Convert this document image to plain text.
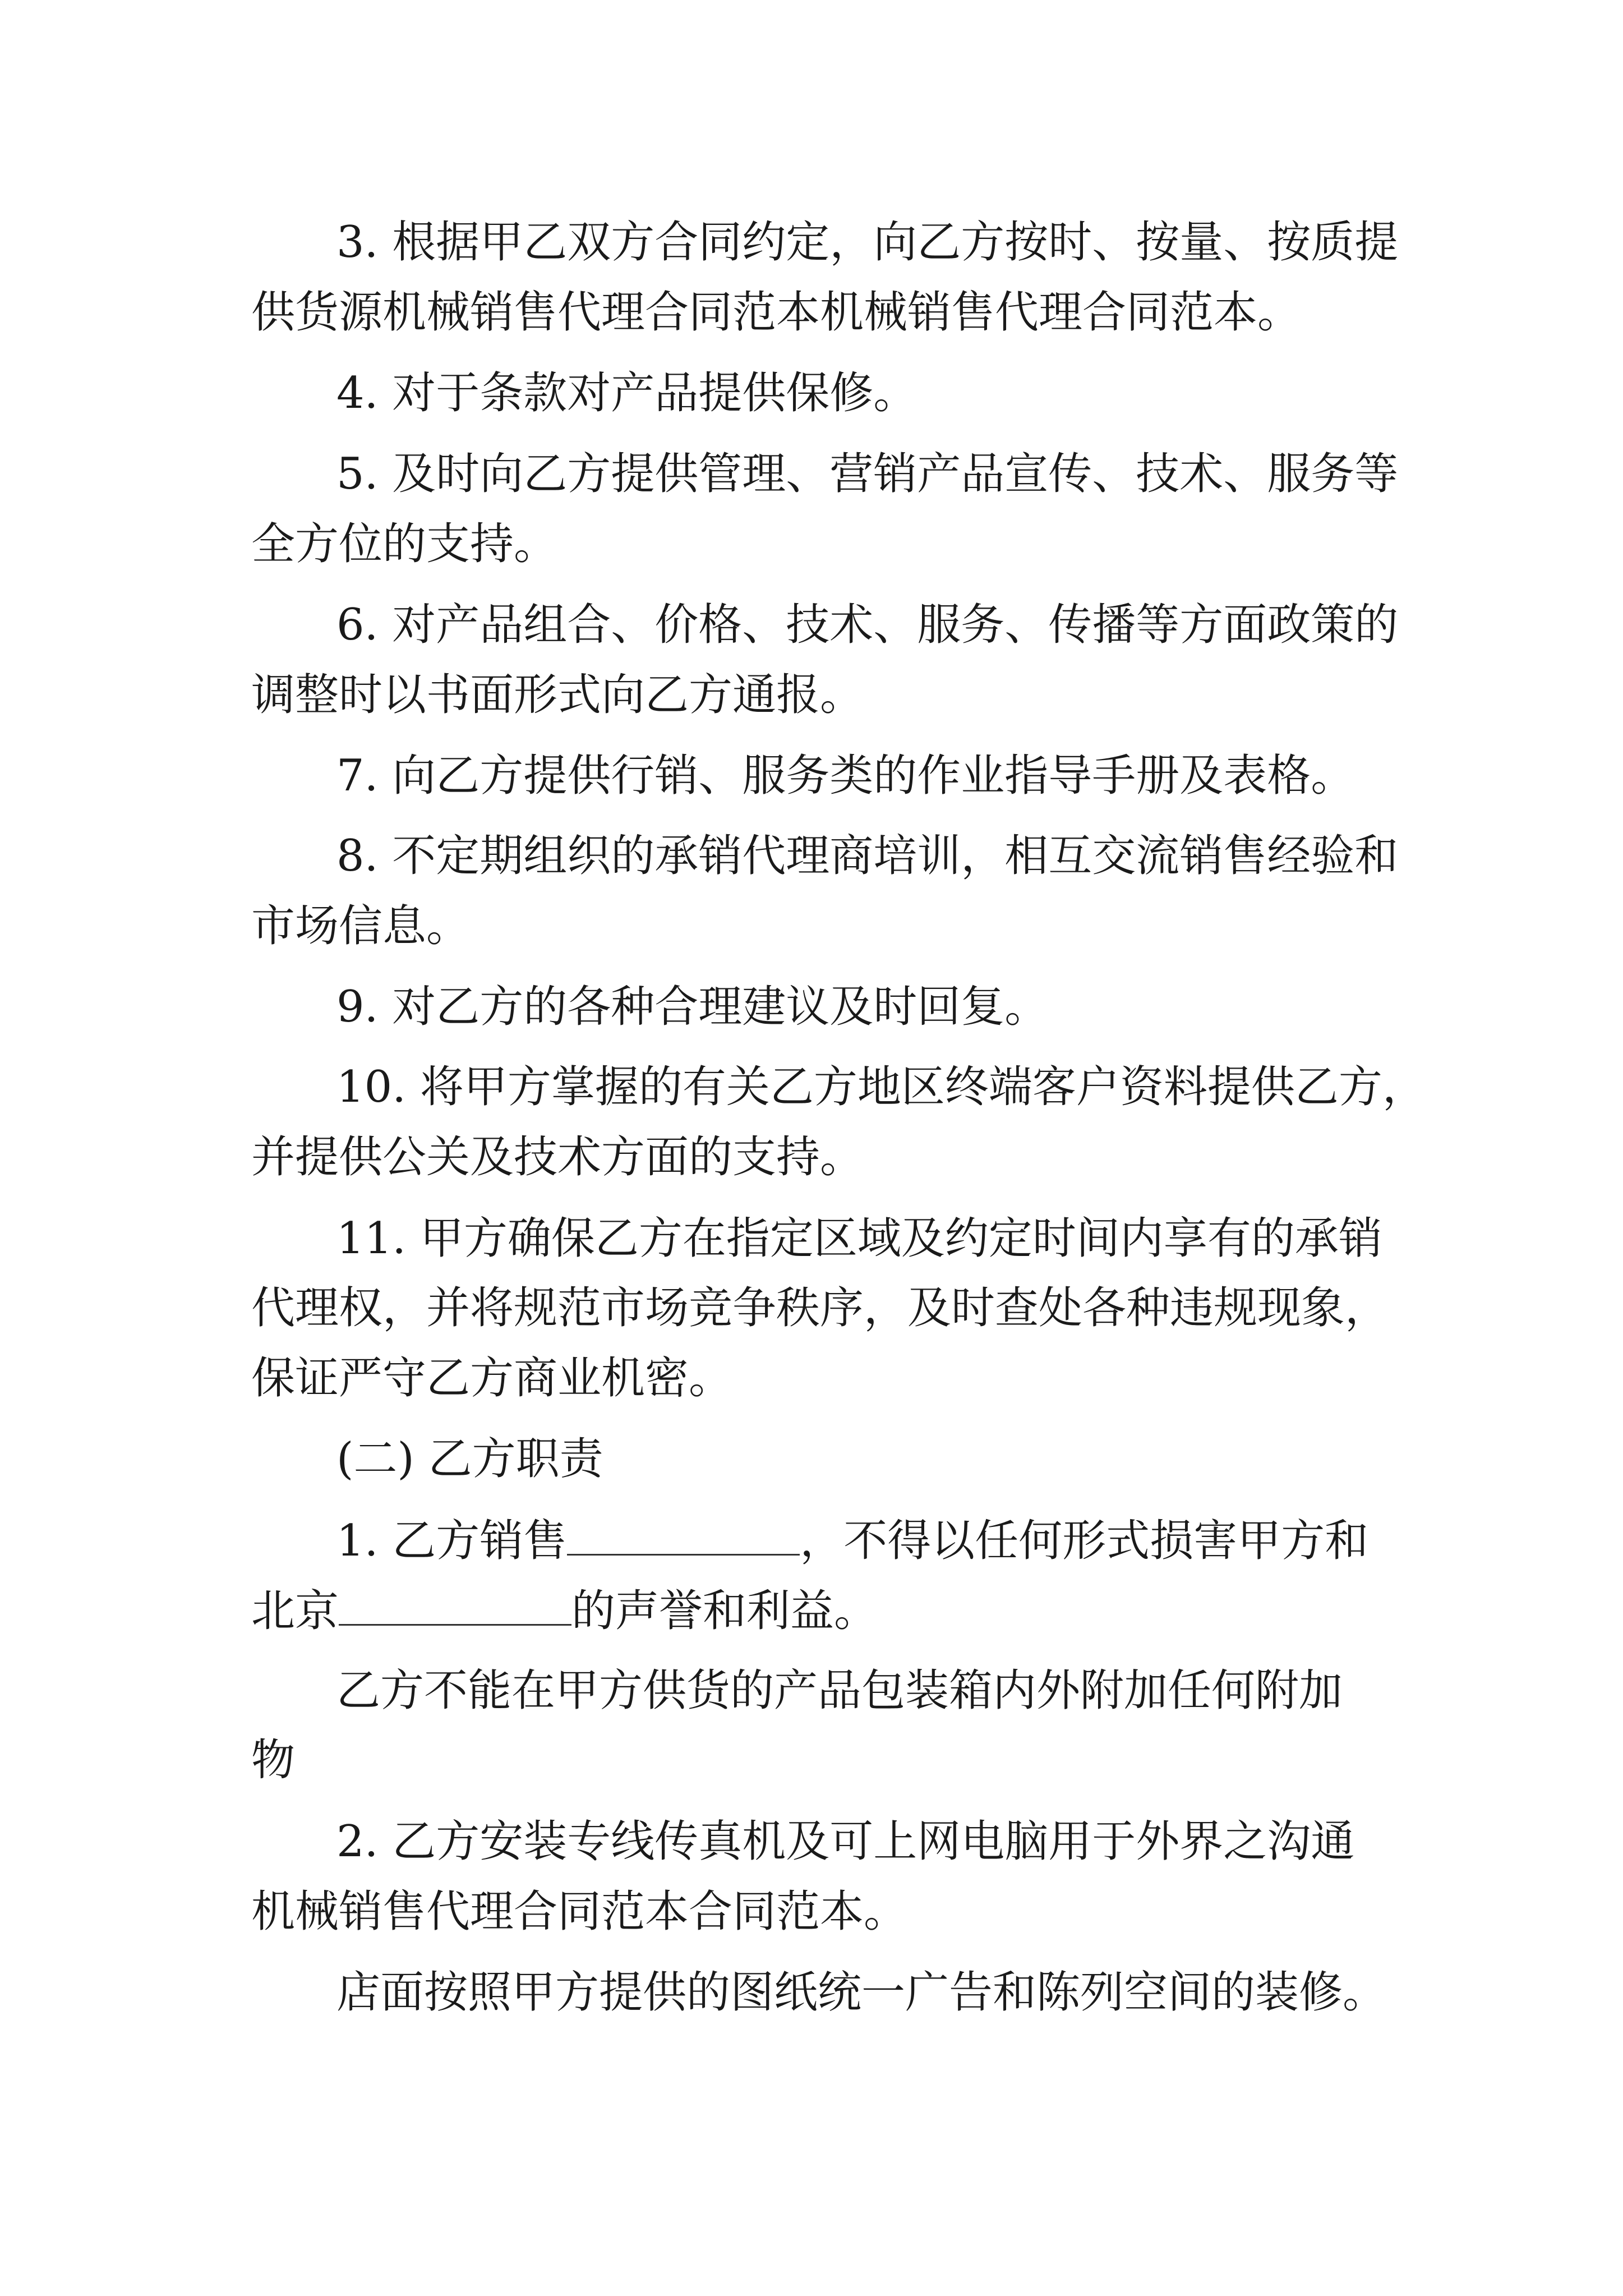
3. 根据甲乙双方合同约定，向乙方按时、按量、按质提
供货源机械销售代理合同范本机械销售代理合同范本。
4. 对于条款对产品提供保修。
5. 及时向乙方提供管理、营销产品宣传、技术、服务等
全方位的支持。
6. 对产品组合、价格、技术、服务、传播等方面政策的
调整时以书面形式向乙方通报。
7. 向乙方提供行销、服务类的作业指导手册及表格。
8. 不定期组织的承销代理商培训，相互交流销售经验和
市场信息。
9. 对乙方的各种合理建议及时回复。
10. 将甲方掌握的有关乙方地区终端客户资料提供乙方，
并提供公关及技术方面的支持。
11. 甲方确保乙方在指定区域及约定时间内享有的承销
代理权，并将规范市场竞争秩序，及时查处各种违规现象，
保证严守乙方商业机密。
(二) 乙方职责
1. 乙方销售	，不得以任何形式损害甲方和
北京	的声誉和利益。
乙方不能在甲方供货的产品包装箱内外附加任何附加
物
2. 乙方安装专线传真机及可上网电脑用于外界之沟通
机械销售代理合同范本合同范本。
店面按照甲方提供的图纸统一广告和陈列空间的装修。
